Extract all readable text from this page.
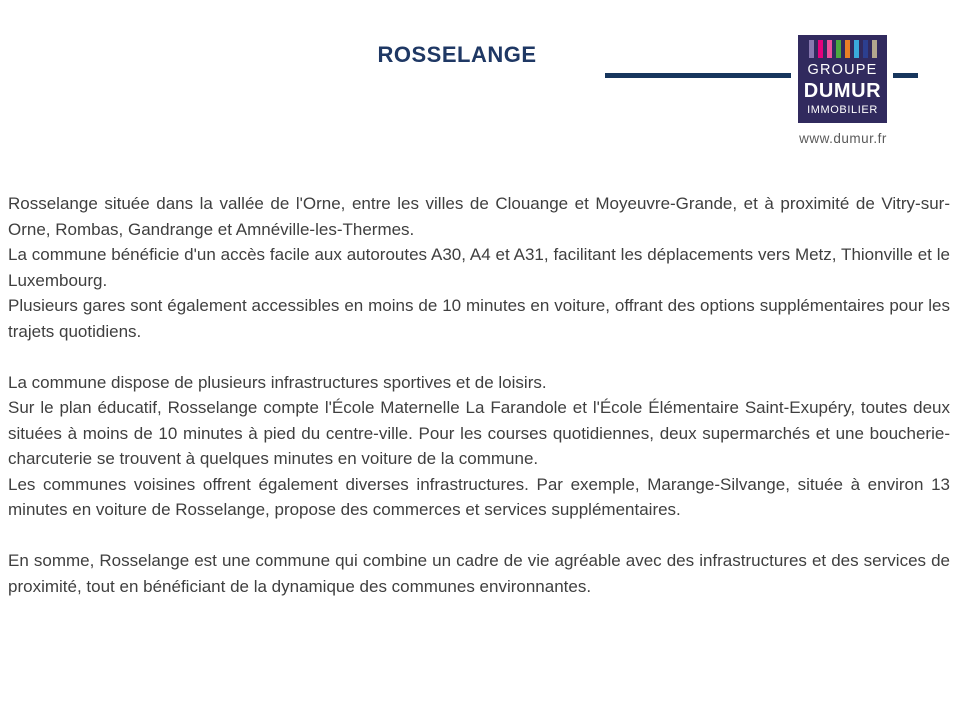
ROSSELANGE
GROUPE
DUMUR
IMMOBILIER
www.dumur.fr

Rosselange située dans la vallée de l'Orne, entre les villes de Clouange et Moyeuvre-Grande, et à proximité de Vitry-sur-Orne, Rombas, Gandrange et Amnéville-les-Thermes.

La commune bénéficie d'un accès facile aux autoroutes A30, A4 et A31, facilitant les déplacements vers Metz, Thionville et le Luxembourg.

Plusieurs gares sont également accessibles en moins de 10 minutes en voiture, offrant des options supplémentaires pour les trajets quotidiens.

La commune dispose de plusieurs infrastructures sportives et de loisirs.

Sur le plan éducatif, Rosselange compte l'École Maternelle La Farandole et l'École Élémentaire Saint-Exupéry, toutes deux situées à moins de 10 minutes à pied du centre-ville. Pour les courses quotidiennes, deux supermarchés et une boucherie-charcuterie se trouvent à quelques minutes en voiture de la commune.

Les communes voisines offrent également diverses infrastructures. Par exemple, Marange-Silvange, située à environ 13 minutes en voiture de Rosselange, propose des commerces et services supplémentaires.

En somme, Rosselange est une commune qui combine un cadre de vie agréable avec des infrastructures et des services de proximité, tout en bénéficiant de la dynamique des communes environnantes.
